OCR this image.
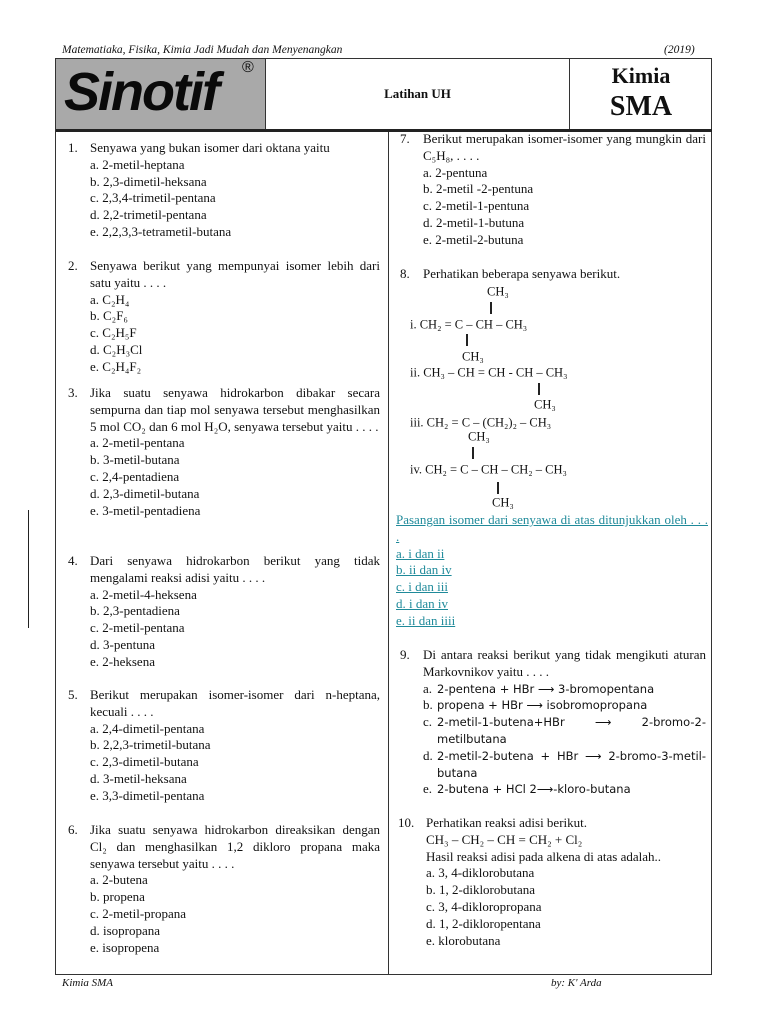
Matematiaka, Fisika, Kimia Jadi Mudah dan Menyenangkan	(2019)
Sinotif ®
Latihan UH
Kimia
SMA
1. Senyawa yang bukan isomer dari oktana yaitu
a. 2-metil-heptana
b. 2,3-dimetil-heksana
c. 2,3,4-trimetil-pentana
d. 2,2-trimetil-pentana
e. 2,2,3,3-tetrametil-butana
2. Senyawa berikut yang mempunyai isomer lebih dari satu yaitu . . . .
a. C₂H₄
b. C₂F₆
c. C₂H₅F
d. C₂H₃Cl
e. C₂H₄F₂
3. Jika suatu senyawa hidrokarbon dibakar secara sempurna dan tiap mol senyawa tersebut menghasilkan 5 mol CO₂ dan 6 mol H₂O, senyawa tersebut yaitu . . . .
a. 2-metil-pentana
b. 3-metil-butana
c. 2,4-pentadiena
d. 2,3-dimetil-butana
e. 3-metil-pentadiena
4. Dari senyawa hidrokarbon berikut yang tidak mengalami reaksi adisi yaitu . . . .
a. 2-metil-4-heksena
b. 2,3-pentadiena
c. 2-metil-pentana
d. 3-pentuna
e. 2-heksena
5. Berikut merupakan isomer-isomer dari n-heptana, kecuali . . . .
a. 2,4-dimetil-pentana
b. 2,2,3-trimetil-butana
c. 2,3-dimetil-butana
d. 3-metil-heksana
e. 3,3-dimetil-pentana
6. Jika suatu senyawa hidrokarbon direaksikan dengan Cl₂ dan menghasilkan 1,2 dikloro propana maka senyawa tersebut yaitu . . . .
a. 2-butena
b. propena
c. 2-metil-propana
d. isopropana
e. isopropena
7. Berikut merupakan isomer-isomer yang mungkin dari C₅H₈, . . . .
a. 2-pentuna
b. 2-metil -2-pentuna
c. 2-metil-1-pentuna
d. 2-metil-1-butuna
e. 2-metil-2-butuna
8. Perhatikan beberapa senyawa berikut.
9. Di antara reaksi berikut yang tidak mengikuti aturan Markovnikov yaitu . . . .
a. 2-pentena + HBr ⟶ 3-bromopentana
b. propena + HBr ⟶ isobromopropana
c. 2-metil-1-butena+HBr ⟶ 2-bromo-2-metilbutana
d. 2-metil-2-butena + HBr ⟶ 2-bromo-3-metil-butana
e. 2-butena + HCl 2⟶-kloro-butana
10. Perhatikan reaksi adisi berikut.
CH₃ – CH₂ – CH = CH₂ + Cl₂
Hasil reaksi adisi pada alkena di atas adalah..
a. 3, 4-diklorobutana
b. 1, 2-diklorobutana
c. 3, 4-dikloropropana
d. 1, 2-dikloropentana
e. klorobutana
CH₃
i. CH₂ = C – CH – CH₃
CH₃
ii. CH₃ – CH = CH - CH – CH₃
CH₃
iii. CH₂ = C – (CH₂)₂ – CH₃
CH₃
iv. CH₂ = C – CH – CH₂ – CH₃
CH₃
Pasangan isomer dari senyawa di atas ditunjukkan oleh . . . .
a. i dan ii
b. ii dan iv
c. i dan iii
d. i dan iv
e. ii dan iiii
Kimia SMA	by: K' Arda
